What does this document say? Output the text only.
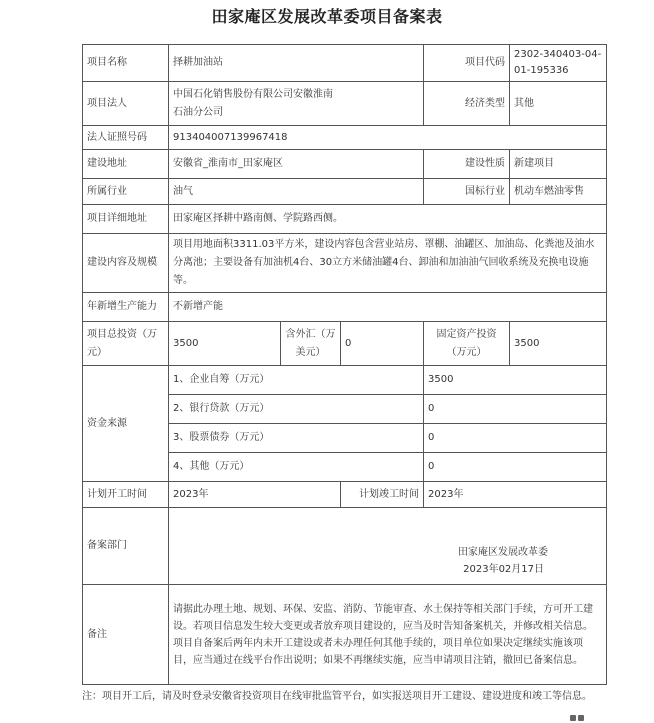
田家庵区发展改革委项目备案表
项目名称	择耕加油站			项目代码	2302-340403-04-01-195336
项目法人	中国石化销售股份有限公司安徽淮南石油分公司			经济类型	其他
法人证照号码	913404007139967418				
建设地址	安徽省_淮南市_田家庵区			建设性质	新建项目
所属行业	油气			国标行业	机动车燃油零售
项目详细地址	田家庵区择耕中路南侧、学院路西侧。				
建设内容及规模	项目用地面积3311.03平方米，建设内容包含营业站房、罩棚、油罐区、加油岛、化粪池及油水分离池；主要设备有加油机4台、30立方米储油罐4台、卸油和加油油气回收系统及充换电设施等。				
年新增生产能力	不新增产能				
项目总投资（万元）	3500	含外汇（万美元）	0	固定资产投资（万元）	3500
资金来源	1、企业自筹（万元）			3500	
	2、银行贷款（万元）			0	
	3、股票债券（万元）			0	
	4、其他（万元）			0	
计划开工时间	2023年		计划竣工时间	2023年	
备案部门	田家庵区发展改革委
2023年02月17日				

备注	请据此办理土地、规划、环保、安监、消防、节能审查、水土保持等相关部门手续，方可开工建设。若项目信息发生较大变更或者放弃项目建设的，应当及时告知备案机关，并修改相关信息。项目自备案后两年内未开工建设或者未办理任何其他手续的，项目单位如果决定继续实施该项目，应当通过在线平台作出说明；如果不再继续实施，应当申请项目注销，撤回已备案信息。				
注：项目开工后，请及时登录安徽省投资项目在线审批监管平台，如实报送项目开工建设、建设进度和竣工等信息。
